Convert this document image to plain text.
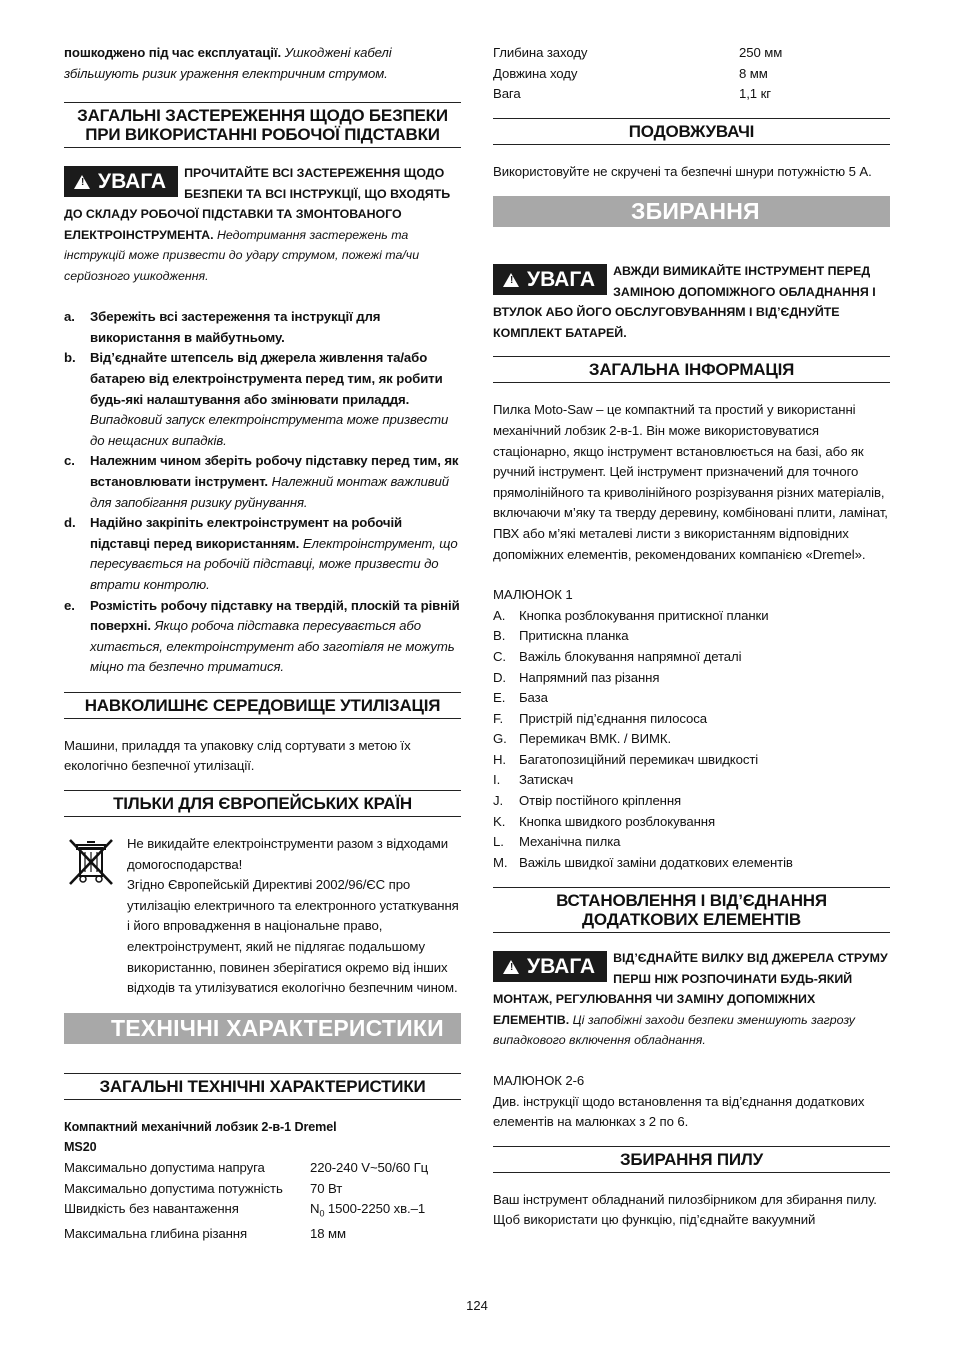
пошкоджено під час експлуатації. Ушкоджені кабелі збільшують ризик ураження електричним струмом.

ЗАГАЛЬНІ ЗАСТЕРЕЖЕННЯ ЩОДО БЕЗПЕКИ ПРИ ВИКОРИСТАННІ РОБОЧОЇ ПІДСТАВКИ
! УВАГА	ПРОЧИТАЙТЕ ВСІ ЗАСТЕРЕЖЕННЯ ЩОДО БЕЗПЕКИ ТА ВСІ ІНСТРУКЦІЇ, ЩО ВХОДЯТЬ ДО СКЛАДУ РОБОЧОЇ ПІДСТАВКИ ТА ЗМОНТОВАНОГО ЕЛЕКТРОІНСТРУМЕНТА. Недотримання застережень та інструкцій може призвести до удару струмом, пожежі та/чи серйозного ушкодження.
a.	Збережіть всі застереження та інструкції для використання в майбутньому.
b.	Від’єднайте штепсель від джерела живлення та/або батарею від електроінструмента перед тим, як робити будь-які налаштування або змінювати приладдя. Випадковий запуск електроінструмента може призвести до нещасних випадків.
c.	Належним чином зберіть робочу підставку перед тим, як встановлювати інструмент. Належний монтаж важливий для запобігання ризику руйнування.
d.	Надійно закріпіть електроінструмент на робочій підставці перед використанням. Електроінструмент, що пересувається на робочій підставці, може призвести до втрати контролю.
e.	Розмістіть робочу підставку на твердій, плоскій та рівній поверхні. Якщо робоча підставка пересувається або хитається, електроінструмент або заготівля не можуть міцно та безпечно триматися.
НАВКОЛИШНЄ СЕРЕДОВИЩЕ УТИЛІЗАЦІЯ

Машини, приладдя та упаковку слід сортувати з метою їх екологічно безпечної утилізації.

ТІЛЬКИ ДЛЯ ЄВРОПЕЙСЬКИХ КРАЇН

Не викидайте електроінструменти разом з відходами домогосподарства!

Згідно Європейській Директиві 2002/96/ЄС про утилізацію електричного та електронного устаткування і його впровадження в національне право, електроінструмент, який не підлягає подальшому використанню, повинен зберігатися окремо від інших відходів та утилізуватися екологічно безпечним чином.

ТЕХНІЧНІ ХАРАКТЕРИСТИКИ
ЗАГАЛЬНІ ТЕХНІЧНІ ХАРАКТЕРИСТИКИ

Компактний механічний лобзик 2-в-1 Dremel

MS20

Максимально допустима напруга	220-240 V~50/60 Гц
Максимально допустима потужність	70 Вт
Швидкість без навантаження	$N_0$ 1500-2250 хв.–1
Максимальна глибина різання	18 мм
Глибина заходу	250 мм
Довжина ходу	8 мм
Вага	1,1 кг
ПОДОВЖУВАЧІ

Використовуйте не скручені та безпечні шнури потужністю 5 А.

ЗБИРАННЯ
! УВАГА	АВЖДИ ВИМИКАЙТЕ ІНСТРУМЕНТ ПЕРЕД ЗАМІНОЮ ДОПОМІЖНОГО ОБЛАДНАННЯ І ВТУЛОК АБО ЙОГО ОБСЛУГОВУВАННЯМ І ВІД’ЄДНУЙТЕ КОМПЛЕКТ БАТАРЕЙ.
ЗАГАЛЬНА ІНФОРМАЦІЯ

Пилка Moto-Saw – це компактний та простий у використанні механічний лобзик 2-в-1. Він може використовуватися стаціонарно, якщо інструмент встановлюється на базі, або як ручний інструмент. Цей інструмент призначений для точного прямолінійного та криволінійного розрізування різних матеріалів, включаючи м’яку та тверду деревину, комбіновані плити, ламінат, ПВХ або м’які металеві листи з використанням відповідних допоміжних елементів, рекомендованих компанією «Dremel».

МАЛЮНОК 1

A.	Кнопка розблокування притискної планки
B.	Притискна планка
C. Важіль блокування напрямної деталі
D. Напрямний паз різання
E.	База
F.	Пристрій під’єднання пилососа
G. Перемикач ВМК. / ВИМК.
H. Багатопозиційний перемикач швидкості
I.	Затискач
J.	Отвір постійного кріплення
K.	Кнопка швидкого розблокування
L.	Механічна пилка
M. Важіль швидкої заміни додаткових елементів
ВСТАНОВЛЕННЯ І ВІД’ЄДНАННЯ ДОДАТКОВИХ ЕЛЕМЕНТІВ
! УВАГА	ВІД’ЄДНАЙТЕ ВИЛКУ ВІД ДЖЕРЕЛА СТРУМУ ПЕРШ НІЖ РОЗПОЧИНАТИ БУДЬ-ЯКИЙ МОНТАЖ, РЕГУЛЮВАННЯ ЧИ ЗАМІНУ ДОПОМІЖНИХ ЕЛЕМЕНТІВ. Ці запобіжні заходи безпеки зменшують загрозу випадкового включення обладнання.

МАЛЮНОК 2-6

Див. інструкції щодо встановлення та від’єднання додаткових елементів на малюнках з 2 по 6.

ЗБИРАННЯ ПИЛУ

Ваш інструмент обладнаний пилозбірником для збирання пилу. Щоб використати цю функцію, під’єднайте вакуумний

124
